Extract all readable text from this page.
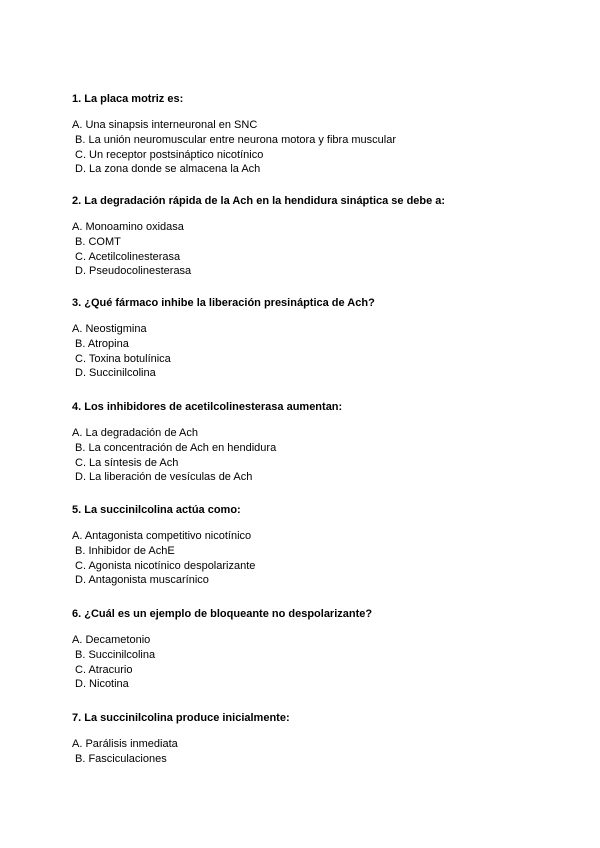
1. La placa motriz es:

A. Una sinapsis interneuronal en SNC

B. La unión neuromuscular entre neurona motora y fibra muscular

C. Un receptor postsináptico nicotínico

D. La zona donde se almacena la Ach

2. La degradación rápida de la Ach en la hendidura sináptica se debe a:

A. Monoamino oxidasa

B. COMT

C. Acetilcolinesterasa

D. Pseudocolinesterasa

3. ¿Qué fármaco inhibe la liberación presináptica de Ach?

A. Neostigmina

B. Atropina

C. Toxina botulínica

D. Succinilcolina

4. Los inhibidores de acetilcolinesterasa aumentan:

A. La degradación de Ach

B. La concentración de Ach en hendidura

C. La síntesis de Ach

D. La liberación de vesículas de Ach

5. La succinilcolina actúa como:

A. Antagonista competitivo nicotínico

B. Inhibidor de AchE

C. Agonista nicotínico despolarizante

D. Antagonista muscarínico

6. ¿Cuál es un ejemplo de bloqueante no despolarizante?

A. Decametonio

B. Succinilcolina

C. Atracurio

D. Nicotina

7. La succinilcolina produce inicialmente:

A. Parálisis inmediata

B. Fasciculaciones
